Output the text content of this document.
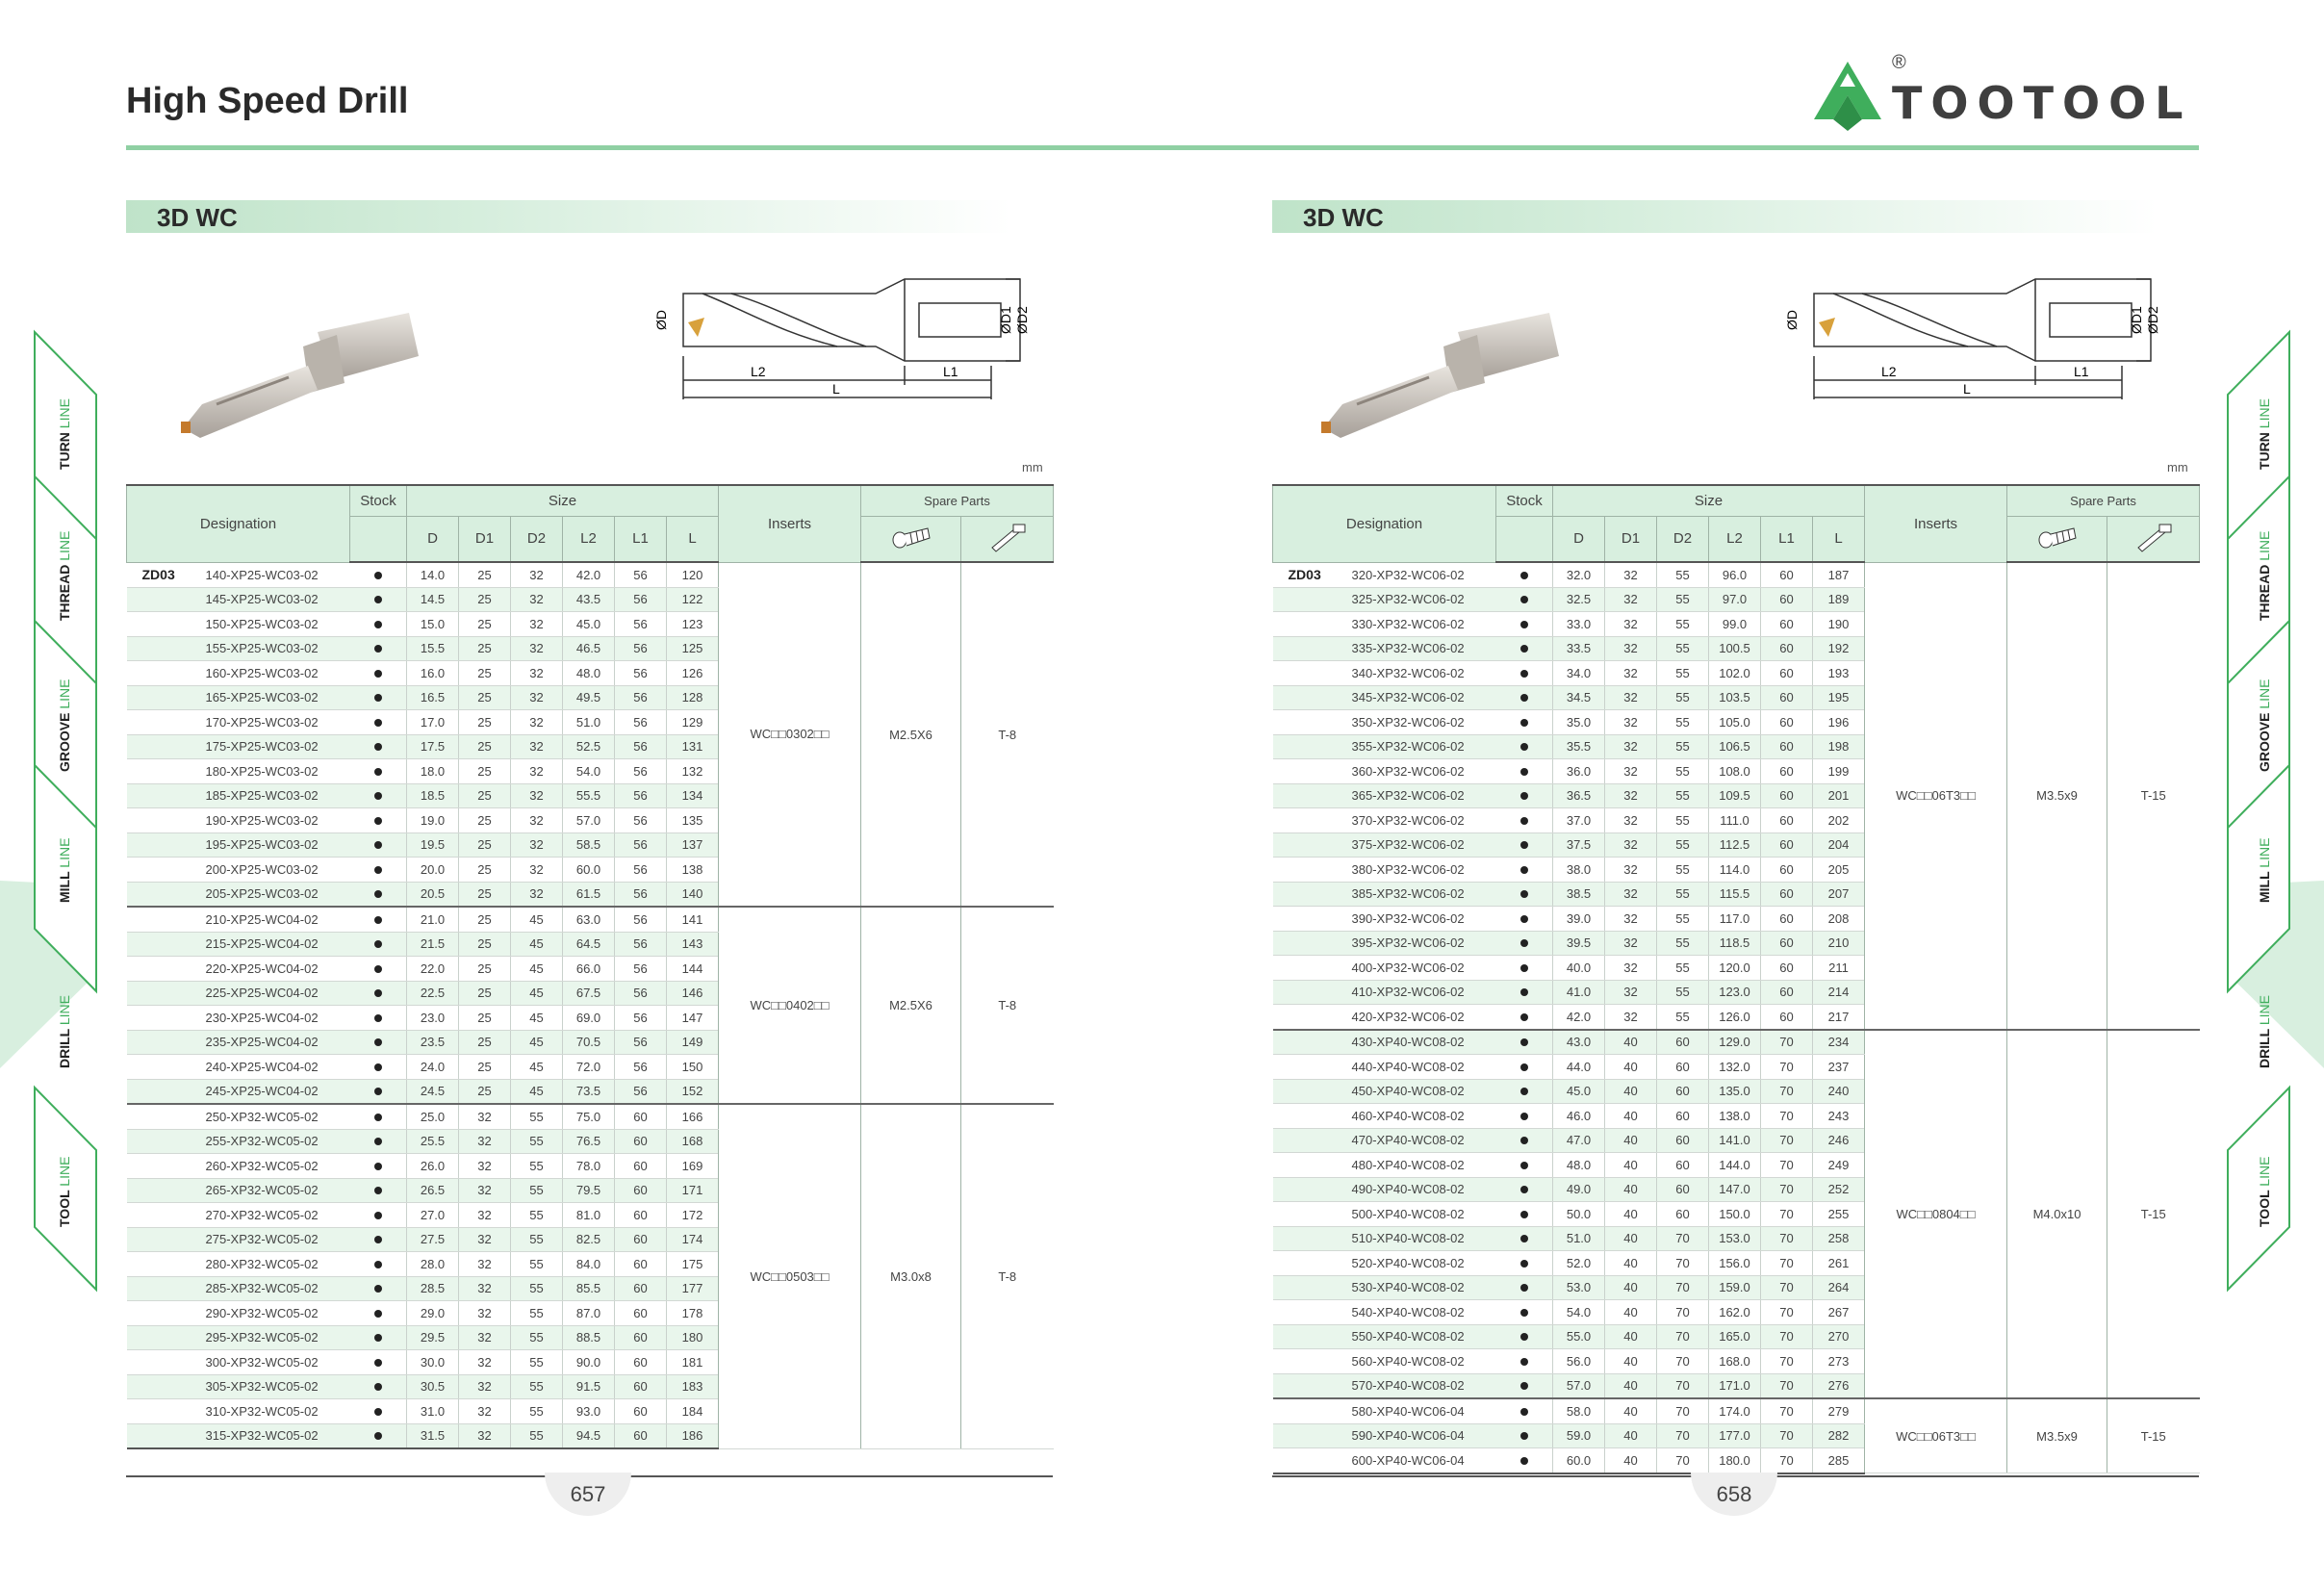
High Speed Drill
®
TOOTOOL
TURN LINE
THREAD LINE
GROOVE LINE
MILL LINE
DRILL LINE
TOOL LINE
TURN LINE
THREAD LINE
GROOVE LINE
MILL LINE
DRILL LINE
TOOL LINE
3D WC
ØD	ØD1 ØD2
L2	L1
L
mm
Designation	Stock	Size						Inserts	Spare Parts	
		D	D1	D2	L2	L1	L		
ZD03 140-XP25-WC03-02		14.0	25	32	42.0	56	120	WC□□0302□□	M2.5X6	T-8
145-XP25-WC03-02		14.5	25	32	43.5	56	122			
150-XP25-WC03-02		15.0	25	32	45.0	56	123			
155-XP25-WC03-02		15.5	25	32	46.5	56	125			
160-XP25-WC03-02		16.0	25	32	48.0	56	126			
165-XP25-WC03-02		16.5	25	32	49.5	56	128			
170-XP25-WC03-02		17.0	25	32	51.0	56	129			
175-XP25-WC03-02		17.5	25	32	52.5	56	131			
180-XP25-WC03-02		18.0	25	32	54.0	56	132			
185-XP25-WC03-02		18.5	25	32	55.5	56	134			
190-XP25-WC03-02		19.0	25	32	57.0	56	135			
195-XP25-WC03-02		19.5	25	32	58.5	56	137			
200-XP25-WC03-02		20.0	25	32	60.0	56	138			
205-XP25-WC03-02		20.5	25	32	61.5	56	140			
210-XP25-WC04-02		21.0	25	45	63.0	56	141	WC□□0402□□	M2.5X6	T-8
215-XP25-WC04-02		21.5	25	45	64.5	56	143			
220-XP25-WC04-02		22.0	25	45	66.0	56	144			
225-XP25-WC04-02		22.5	25	45	67.5	56	146			
230-XP25-WC04-02		23.0	25	45	69.0	56	147			
235-XP25-WC04-02		23.5	25	45	70.5	56	149			
240-XP25-WC04-02		24.0	25	45	72.0	56	150			
245-XP25-WC04-02		24.5	25	45	73.5	56	152			
250-XP32-WC05-02		25.0	32	55	75.0	60	166	WC□□0503□□	M3.0x8	T-8
255-XP32-WC05-02		25.5	32	55	76.5	60	168			
260-XP32-WC05-02		26.0	32	55	78.0	60	169			
265-XP32-WC05-02		26.5	32	55	79.5	60	171			
270-XP32-WC05-02		27.0	32	55	81.0	60	172			
275-XP32-WC05-02		27.5	32	55	82.5	60	174			
280-XP32-WC05-02		28.0	32	55	84.0	60	175			
285-XP32-WC05-02		28.5	32	55	85.5	60	177			
290-XP32-WC05-02		29.0	32	55	87.0	60	178			
295-XP32-WC05-02		29.5	32	55	88.5	60	180			
300-XP32-WC05-02		30.0	32	55	90.0	60	181			
305-XP32-WC05-02		30.5	32	55	91.5	60	183			
310-XP32-WC05-02		31.0	32	55	93.0	60	184			
315-XP32-WC05-02		31.5	32	55	94.5	60	186			
657
3D WC
ØD	ØD1 ØD2
L2	L1
L
mm
Designation	Stock	Size						Inserts	Spare Parts	
		D	D1	D2	L2	L1	L		
ZD03 320-XP32-WC06-02		32.0	32	55	96.0	60	187	WC□□06T3□□	M3.5x9	T-15
325-XP32-WC06-02		32.5	32	55	97.0	60	189			
330-XP32-WC06-02		33.0	32	55	99.0	60	190			
335-XP32-WC06-02		33.5	32	55	100.5	60	192			
340-XP32-WC06-02		34.0	32	55	102.0	60	193			
345-XP32-WC06-02		34.5	32	55	103.5	60	195			
350-XP32-WC06-02		35.0	32	55	105.0	60	196			
355-XP32-WC06-02		35.5	32	55	106.5	60	198			
360-XP32-WC06-02		36.0	32	55	108.0	60	199			
365-XP32-WC06-02		36.5	32	55	109.5	60	201			
370-XP32-WC06-02		37.0	32	55	111.0	60	202			
375-XP32-WC06-02		37.5	32	55	112.5	60	204			
380-XP32-WC06-02		38.0	32	55	114.0	60	205			
385-XP32-WC06-02		38.5	32	55	115.5	60	207			
390-XP32-WC06-02		39.0	32	55	117.0	60	208			
395-XP32-WC06-02		39.5	32	55	118.5	60	210			
400-XP32-WC06-02		40.0	32	55	120.0	60	211			
410-XP32-WC06-02		41.0	32	55	123.0	60	214			
420-XP32-WC06-02		42.0	32	55	126.0	60	217			
430-XP40-WC08-02		43.0	40	60	129.0	70	234	WC□□0804□□	M4.0x10	T-15
440-XP40-WC08-02		44.0	40	60	132.0	70	237			
450-XP40-WC08-02		45.0	40	60	135.0	70	240			
460-XP40-WC08-02		46.0	40	60	138.0	70	243			
470-XP40-WC08-02		47.0	40	60	141.0	70	246			
480-XP40-WC08-02		48.0	40	60	144.0	70	249			
490-XP40-WC08-02		49.0	40	60	147.0	70	252			
500-XP40-WC08-02		50.0	40	60	150.0	70	255			
510-XP40-WC08-02		51.0	40	70	153.0	70	258			
520-XP40-WC08-02		52.0	40	70	156.0	70	261			
530-XP40-WC08-02		53.0	40	70	159.0	70	264			
540-XP40-WC08-02		54.0	40	70	162.0	70	267			
550-XP40-WC08-02		55.0	40	70	165.0	70	270			
560-XP40-WC08-02		56.0	40	70	168.0	70	273			
570-XP40-WC08-02		57.0	40	70	171.0	70	276			
580-XP40-WC06-04		58.0	40	70	174.0	70	279	WC□□06T3□□	M3.5x9	T-15
590-XP40-WC06-04		59.0	40	70	177.0	70	282			
600-XP40-WC06-04		60.0	40	70	180.0	70	285			
658
